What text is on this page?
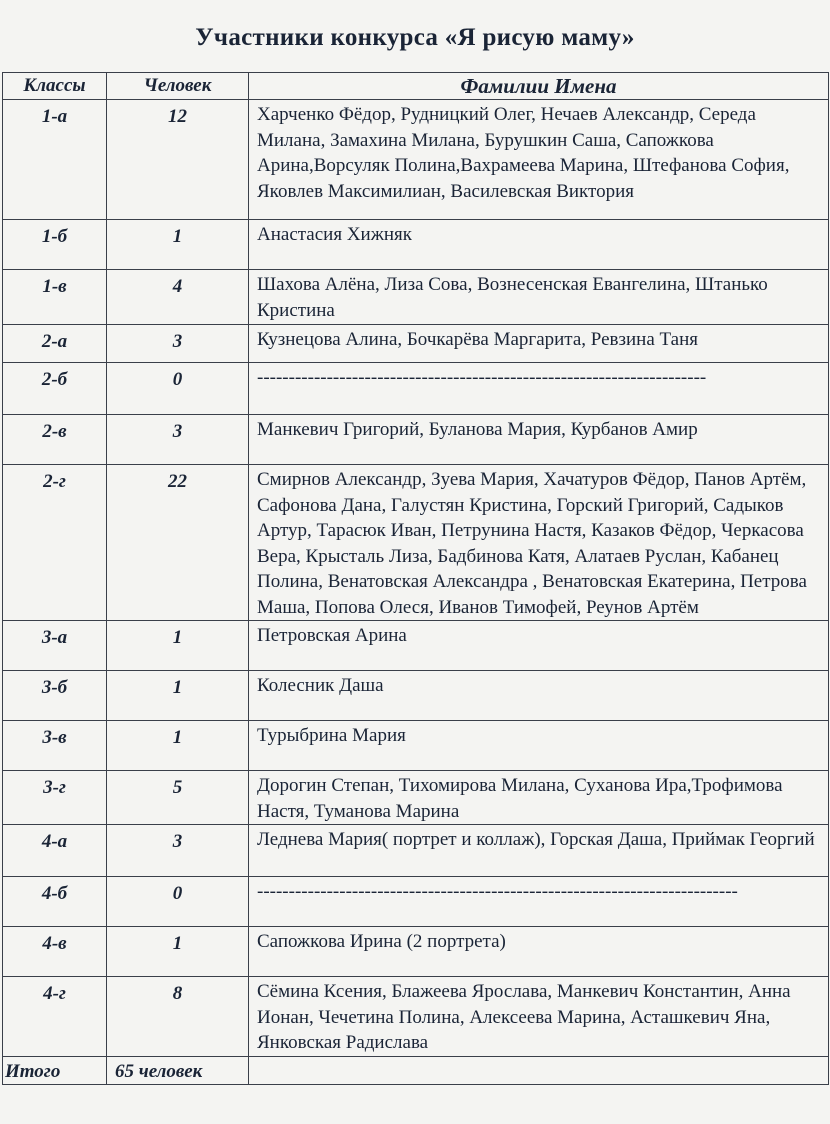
Участники конкурса «Я рисую маму»
Классы	Человек	Фамилии Имена
1-а	12	Харченко Фёдор, Рудницкий Олег, Нечаев Александр, Середа Милана, Замахина Милана, Бурушкин Саша, Сапожкова Арина,Ворсуляк Полина,Вахрамеева Марина, Штефанова София, Яковлев Максимилиан, Василевская Виктория
1-б	1	Анастасия Хижняк
1-в	4	Шахова Алёна, Лиза Сова, Вознесенская Евангелина, Штанько Кристина
2-а	3	Кузнецова Алина, Бочкарёва Маргарита, Ревзина Таня
2-б	0	-----------------------------------------------------------------------
2-в	3	Манкевич Григорий, Буланова Мария, Курбанов Амир
2-г	22	Смирнов Александр, Зуева Мария, Хачатуров Фёдор, Панов Артём, Сафонова Дана, Галустян Кристина, Горский Григорий, Садыков Артур, Тарасюк Иван, Петрунина Настя, Казаков Фёдор, Черкасова Вера, Крысталь Лиза, Бадбинова Катя, Алатаев Руслан, Кабанец Полина, Венатовская Александра , Венатовская Екатерина, Петрова Маша, Попова Олеся, Иванов Тимофей, Реунов Артём
3-а	1	Петровская Арина
3-б	1	Колесник Даша
3-в	1	Турыбрина Мария
3-г	5	Дорогин Степан, Тихомирова Милана, Суханова Ира,Трофимова Настя, Туманова Марина
4-а	3	Леднева Мария( портрет и коллаж), Горская Даша, Приймак Георгий
4-б	0	----------------------------------------------------------------------------
4-в	1	Сапожкова Ирина (2 портрета)
4-г	8	Сёмина Ксения, Блажеева Ярослава, Манкевич Константин, Анна Ионан, Чечетина Полина, Алексеева Марина, Асташкевич Яна, Янковская Радислава
Итого	65 человек	
